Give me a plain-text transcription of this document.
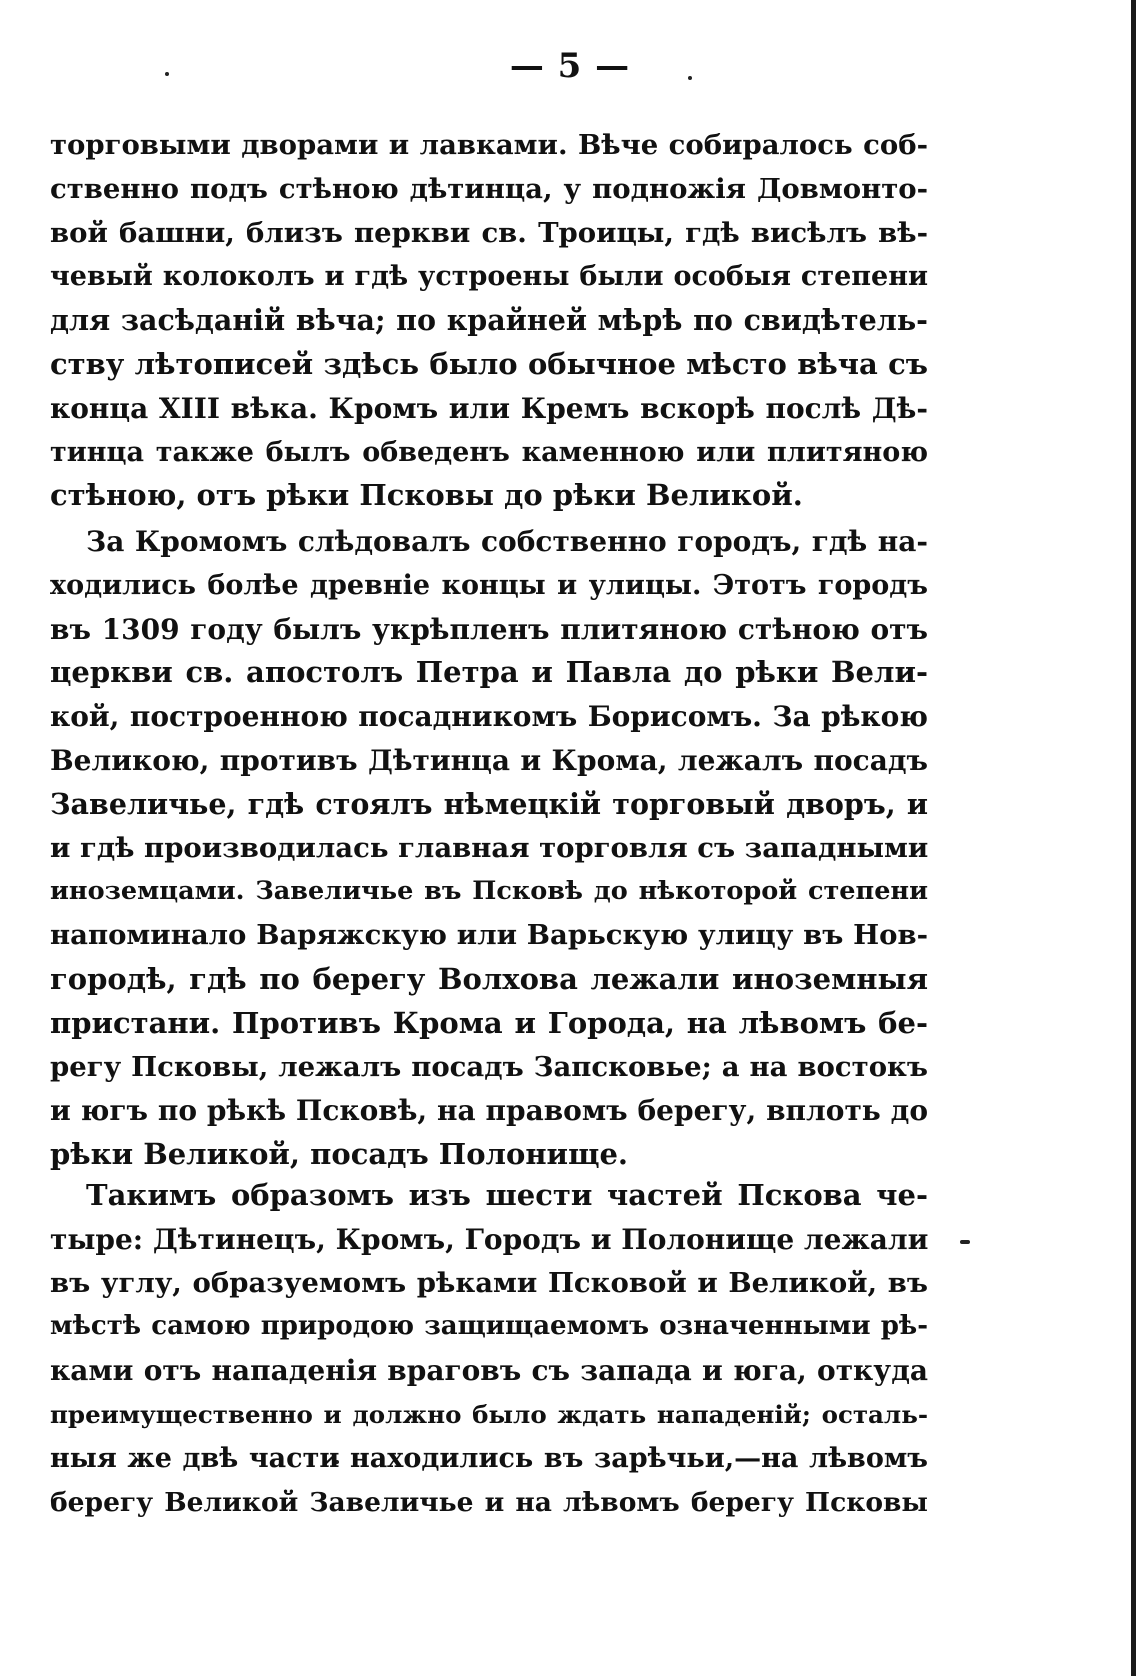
— 5 —
торговыми дворами и лавками. Вѣче собиралось соб-
ственно подъ стѣною дѣтинца, у подножія Довмонто-
вой башни, близъ перкви св. Троицы, гдѣ висѣлъ вѣ-
чевый колоколъ и гдѣ устроены были особыя степени
для засѣданій вѣча; по крайней мѣрѣ по свидѣтель-
ству лѣтописей здѣсь было обычное мѣсто вѣча съ
конца XIII вѣка. Кромъ или Кремъ вскорѣ послѣ Дѣ-
тинца также былъ обведенъ каменною или плитяною
стѣною, отъ рѣки Псковы до рѣки Великой.
За Кромомъ слѣдовалъ собственно городъ, гдѣ на-
ходились болѣе древніе концы и улицы. Этотъ городъ
въ 1309 году былъ укрѣпленъ плитяною стѣною отъ
церкви св. апостолъ Петра и Павла до рѣки Вели-
кой, построенною посадникомъ Борисомъ. За рѣкою
Великою, противъ Дѣтинца и Крома, лежалъ посадъ
Завеличье, гдѣ стоялъ нѣмецкій торговый дворъ, и
и гдѣ производилась главная торговля съ западными
иноземцами. Завеличье въ Псковѣ до нѣкоторой степени
напоминало Варяжскую или Варьскую улицу въ Нов-
городѣ, гдѣ по берегу Волхова лежали иноземныя
пристани. Противъ Крома и Города, на лѣвомъ бе-
регу Псковы, лежалъ посадъ Запсковье; а на востокъ
и югъ по рѣкѣ Псковѣ, на правомъ берегу, вплоть до
рѣки Великой, посадъ Полонище.
Такимъ образомъ изъ шести частей Пскова че-
тыре: Дѣтинецъ, Кромъ, Городъ и Полонище лежали
въ углу, образуемомъ рѣками Псковой и Великой, въ
мѣстѣ самою природою защищаемомъ означенными рѣ-
ками отъ нападенія враговъ съ запада и юга, откуда
преимущественно и должно было ждать нападеній; осталь-
ныя же двѣ части находились въ зарѣчьи,—на лѣвомъ
берегу Великой Завеличье и на лѣвомъ берегу Псковы
